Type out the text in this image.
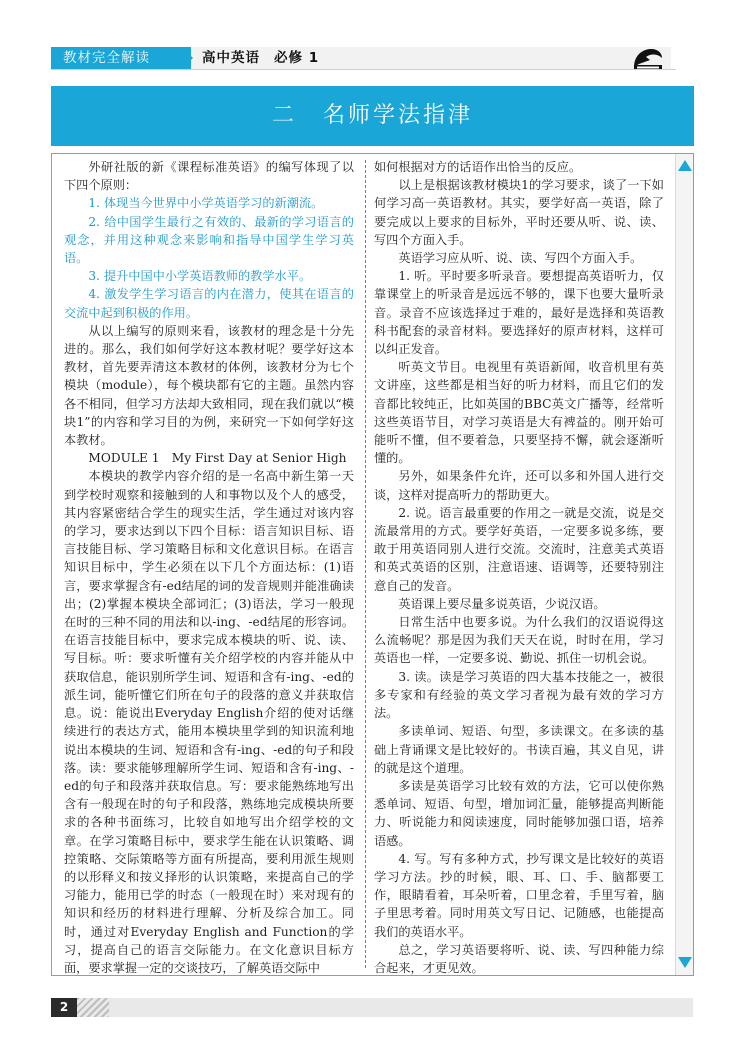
教材完全解读	高中英语 必修 1
二 名师学法指津

外研社版的新《课程标准英语》的编写体现了以下四个原则：

1. 体现当今世界中小学英语学习的新潮流。

2. 给中国学生最行之有效的、最新的学习语言的观念，并用这种观念来影响和指导中国学生学习英语。

3. 提升中国中小学英语教师的教学水平。

4. 激发学生学习语言的内在潜力，使其在语言的交流中起到积极的作用。

从以上编写的原则来看，该教材的理念是十分先进的。那么，我们如何学好这本教材呢？要学好这本教材，首先要弄清这本教材的体例，该教材分为七个模块（module），每个模块都有它的主题。虽然内容各不相同，但学习方法却大致相同，现在我们就以“模块1”的内容和学习目的为例，来研究一下如何学好这本教材。

MODULE 1　My First Day at Senior High

本模块的教学内容介绍的是一名高中新生第一天到学校时观察和接触到的人和事物以及个人的感受，其内容紧密结合学生的现实生活，学生通过对该内容的学习，要求达到以下四个目标：语言知识目标、语言技能目标、学习策略目标和文化意识目标。在语言知识目标中，学生必须在以下几个方面达标：(1)语言，要求掌握含有-ed结尾的词的发音规则并能准确读出；(2)掌握本模块全部词汇；(3)语法，学习一般现在时的三种不同的用法和以-ing、-ed结尾的形容词。在语言技能目标中，要求完成本模块的听、说、读、写目标。听：要求听懂有关介绍学校的内容并能从中获取信息，能识别所学生词、短语和含有-ing、-ed的派生词，能听懂它们所在句子的段落的意义并获取信息。说：能说出Everyday English介绍的使对话继续进行的表达方式，能用本模块里学到的知识流利地说出本模块的生词、短语和含有-ing、-ed的句子和段落。读：要求能够理解所学生词、短语和含有-ing、-ed的句子和段落并获取信息。写：要求能熟练地写出含有一般现在时的句子和段落，熟练地完成模块所要求的各种书面练习，比较自如地写出介绍学校的文章。在学习策略目标中，要求学生能在认识策略、调控策略、交际策略等方面有所提高，要利用派生规则的以形释义和按义择形的认识策略，来提高自己的学习能力，能用已学的时态（一般现在时）来对现有的知识和经历的材料进行理解、分析及综合加工。同时，通过对Everyday English and Function的学习，提高自己的语言交际能力。在文化意识目标方面，要求掌握一定的交谈技巧，了解英语交际中

如何根据对方的话语作出恰当的反应。

以上是根据该教材模块1的学习要求，谈了一下如何学习高一英语教材。其实，要学好高一英语，除了要完成以上要求的目标外，平时还要从听、说、读、写四个方面入手。

英语学习应从听、说、读、写四个方面入手。

1. 听。平时要多听录音。要想提高英语听力，仅靠课堂上的听录音是远远不够的，课下也要大量听录音。录音不应该选择过于难的，最好是选择和英语教科书配套的录音材料。要选择好的原声材料，这样可以纠正发音。

听英文节目。电视里有英语新闻，收音机里有英文讲座，这些都是相当好的听力材料，而且它们的发音都比较纯正，比如英国的BBC英文广播等，经常听这些英语节目，对学习英语是大有裨益的。刚开始可能听不懂，但不要着急，只要坚持不懈，就会逐渐听懂的。

另外，如果条件允许，还可以多和外国人进行交谈，这样对提高听力的帮助更大。

2. 说。语言最重要的作用之一就是交流，说是交流最常用的方式。要学好英语，一定要多说多练，要敢于用英语同别人进行交流。交流时，注意美式英语和英式英语的区别，注意语速、语调等，还要特别注意自己的发音。

英语课上要尽量多说英语，少说汉语。

日常生活中也要多说。为什么我们的汉语说得这么流畅呢？那是因为我们天天在说，时时在用，学习英语也一样，一定要多说、勤说、抓住一切机会说。

3. 读。读是学习英语的四大基本技能之一，被很多专家和有经验的英文学习者视为最有效的学习方法。

多读单词、短语、句型，多读课文。在多读的基础上背诵课文是比较好的。书读百遍，其义自见，讲的就是这个道理。

多读是英语学习比较有效的方法，它可以使你熟悉单词、短语、句型，增加词汇量，能够提高判断能力、听说能力和阅读速度，同时能够加强口语，培养语感。

4. 写。写有多种方式，抄写课文是比较好的英语学习方法。抄的时候，眼、耳、口、手、脑都要工作，眼睛看着，耳朵听着，口里念着，手里写着，脑子里思考着。同时用英文写日记、记随感，也能提高我们的英语水平。

总之，学习英语要将听、说、读、写四种能力综合起来，才更见效。

2
